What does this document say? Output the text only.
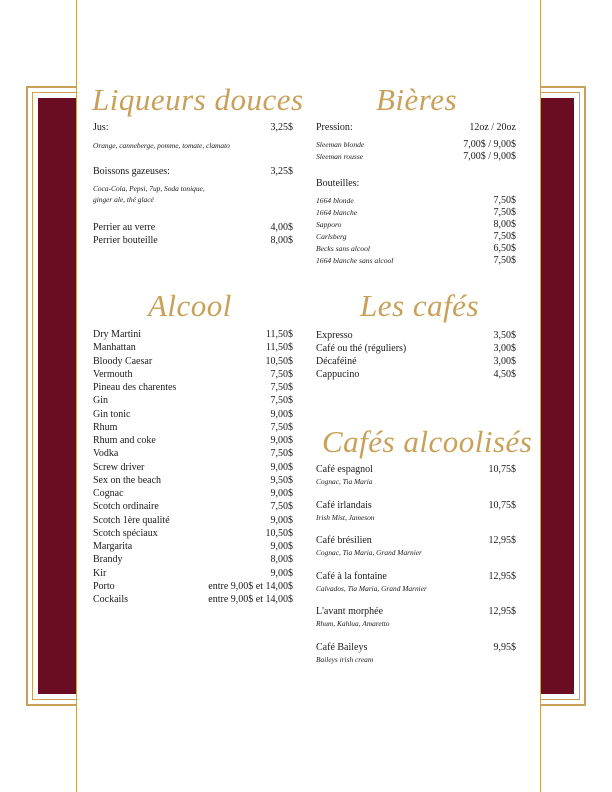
Liqueurs douces
Jus:	3,25$
Orange, canneberge, pomme, tomate, clamato
Boissons gazeuses:	3,25$
Coca-Cola, Pepsi, 7up, Soda tonique,
ginger ale, thé glacé
Perrier au verre	4,00$
Perrier bouteille	8,00$
Bières
Pression:	12oz / 20oz
Sleeman blonde	7,00$ / 9,00$
Sleeman rousse	7,00$ / 9,00$
Bouteilles:
1664 blonde	7,50$
1664 blanche	7,50$
Sapporo	8,00$
Carlsberg	7,50$
Becks sans alcool	6,50$
1664 blanche sans alcool	7,50$
Alcool	Les cafés
Expresso	3,50$
Café ou thé (réguliers)	3,00$
Décaféiné	3,00$
Cappucino	4,50$
Cafés alcoolisés
Dry Martini	11,50$
Manhattan	11,50$
Bloody Caesar	10,50$
Vermouth	7,50$
Pineau des charentes	7,50$
Gin	7,50$
Gin tonic	9,00$
Rhum	7,50$
Rhum and coke	9,00$
Vodka	7,50$
Screw driver	9,00$
Sex on the beach	9,50$
Cognac	9,00$
Scotch ordinaire	7,50$
Scotch 1ère qualité	9,00$
Scotch spéciaux	10,50$
Margarita	9,00$
Brandy	8,00$
Kir	9,00$
Porto	entre 9,00$ et 14,00$
Cockails	entre 9,00$ et 14,00$
Café espagnol	10,75$
Cognac, Tia Maria
Café irlandais	10,75$
Irish Mist, Jameson
Café brésilien	12,95$
Cognac, Tia Maria, Grand Marnier
Café à la fontaine	12,95$
Calvados, Tia Maria, Grand Marnier
L'avant morphée	12,95$
Rhum, Kahlua, Amaretto
Café Baileys	9,95$
Baileys irish cream
